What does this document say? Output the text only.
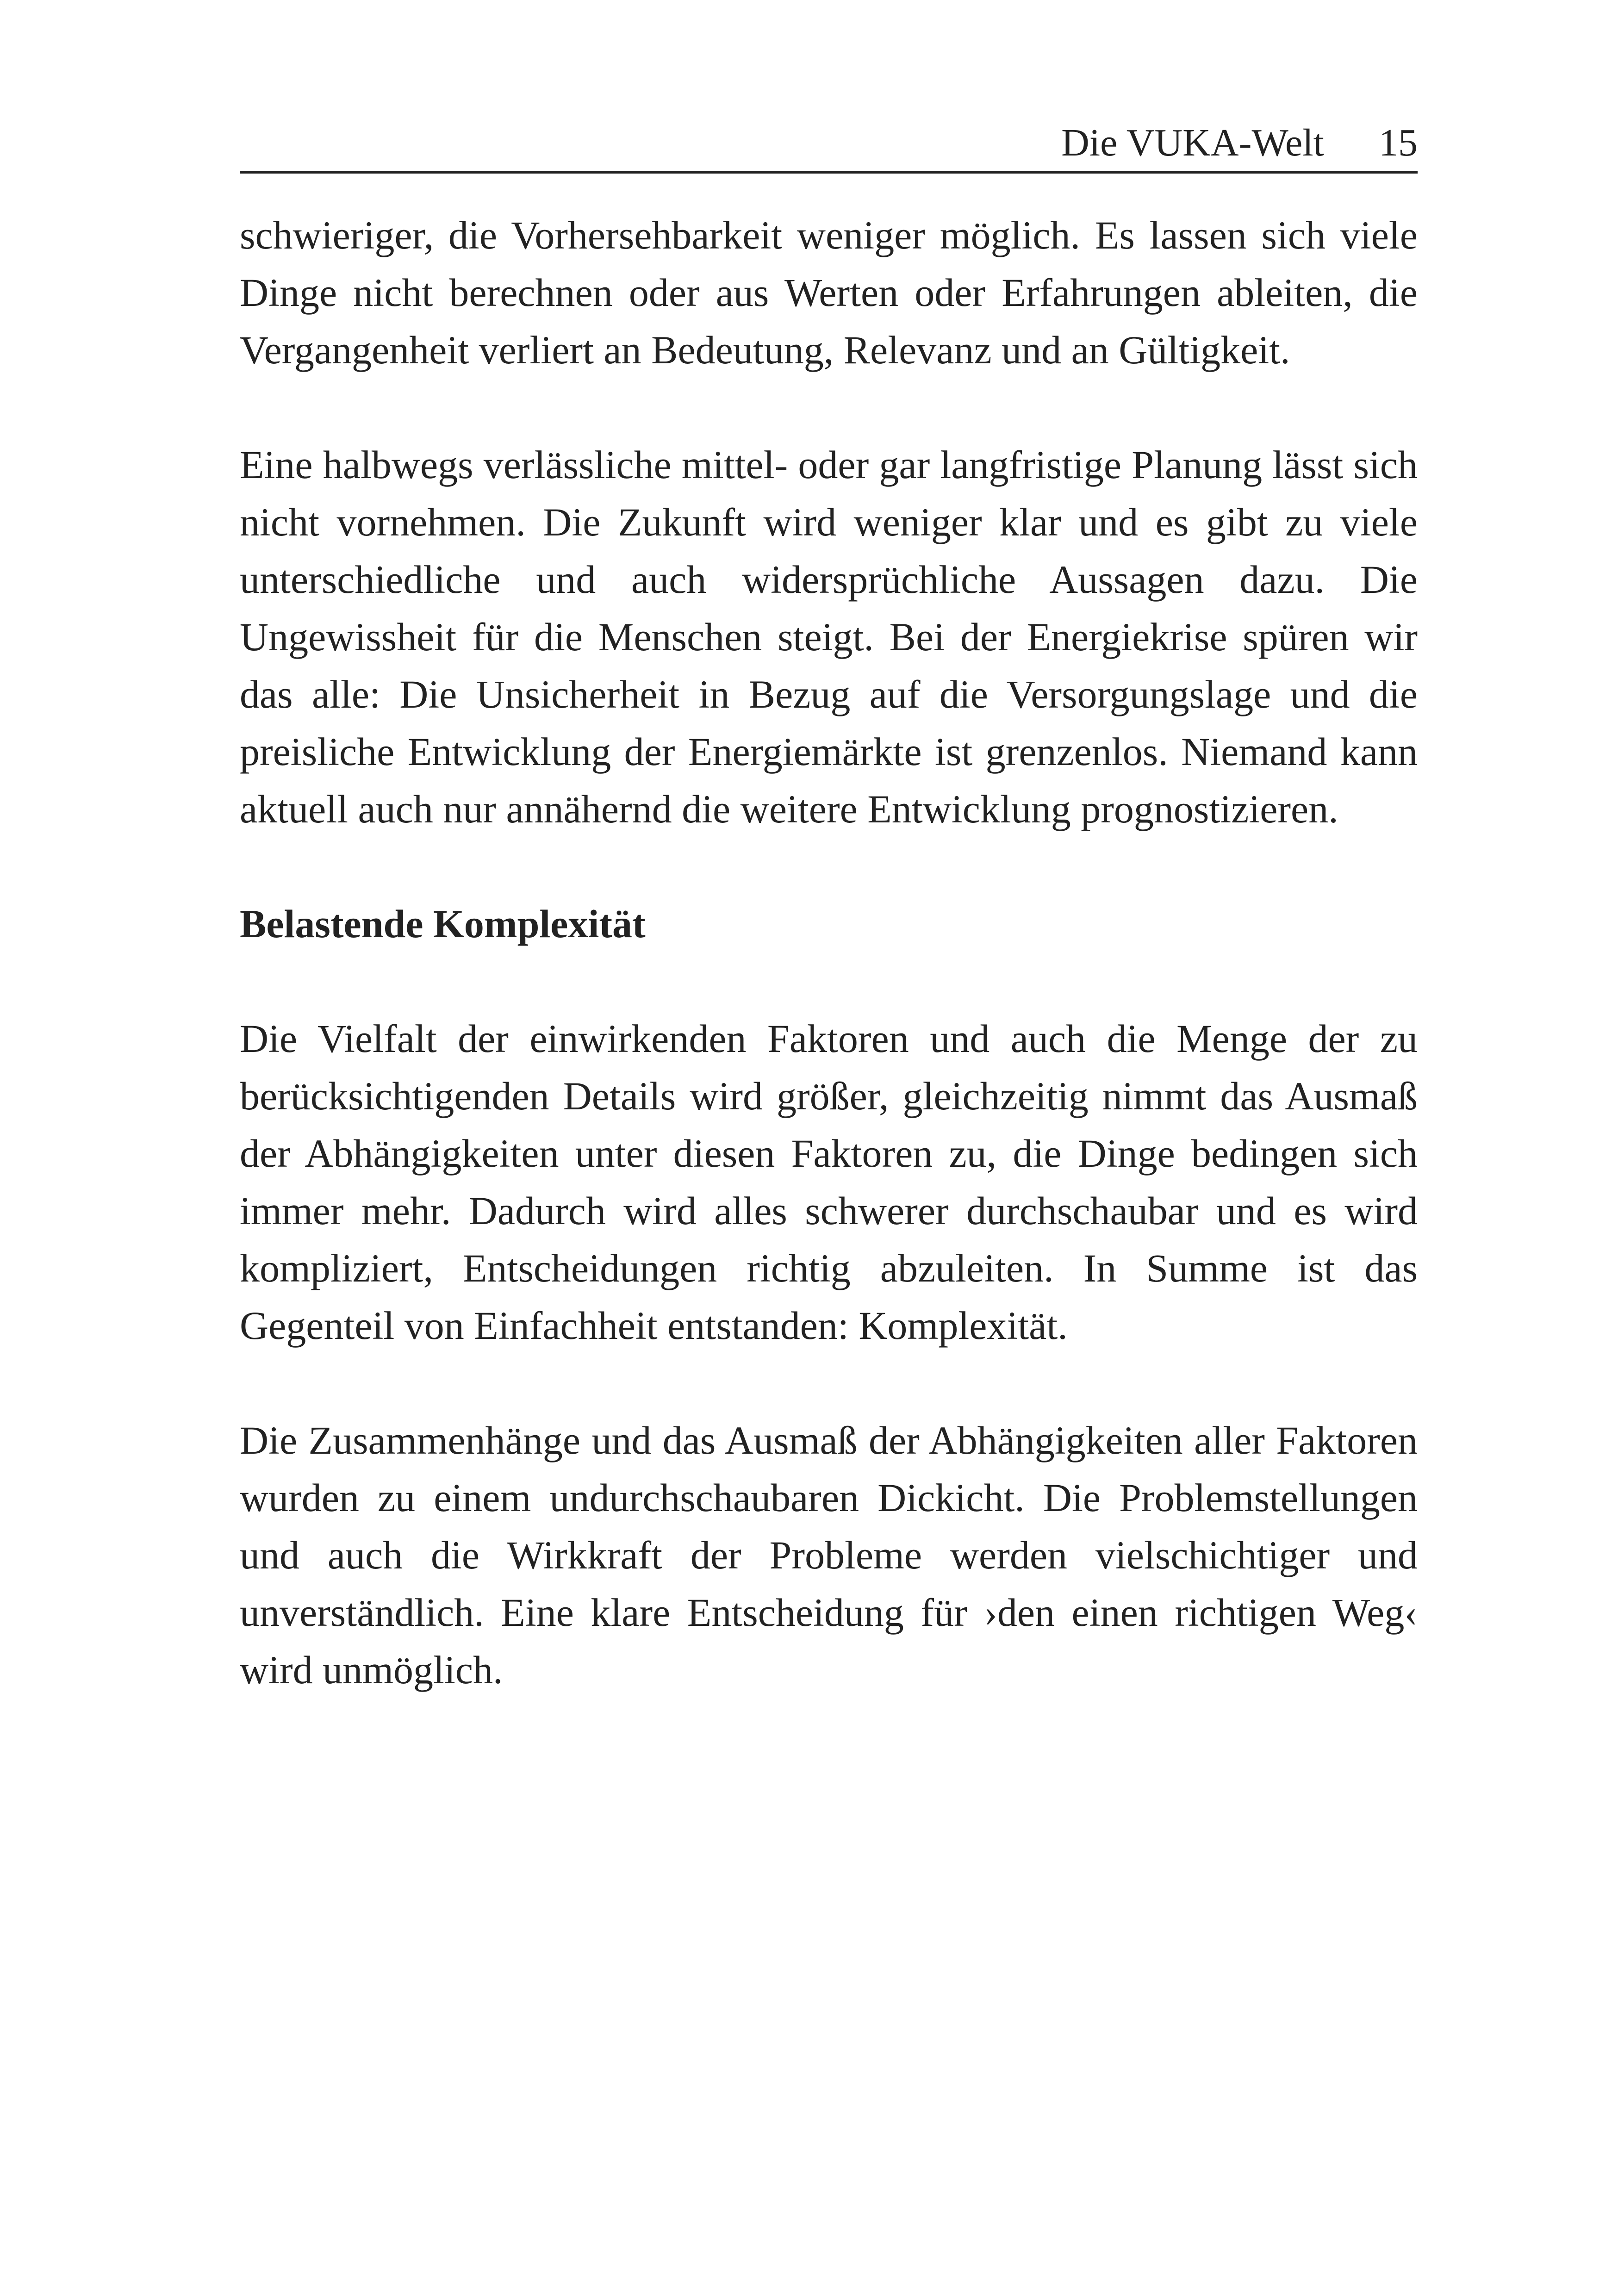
Die VUKA-Welt 15

schwieriger, die Vorhersehbarkeit weniger möglich. Es lassen sich viele Dinge nicht berechnen oder aus Werten oder Erfahrungen ableiten, die Vergangenheit verliert an Bedeutung, Relevanz und an Gültigkeit.

Eine halbwegs verlässliche mittel- oder gar langfristige Planung lässt sich nicht vornehmen. Die Zukunft wird weniger klar und es gibt zu viele unterschiedliche und auch widersprüchliche Aussagen dazu. Die Ungewissheit für die Menschen steigt. Bei der Energiekrise spüren wir das alle: Die Unsicherheit in Bezug auf die Versorgungslage und die preisliche Entwicklung der Energiemärkte ist grenzenlos. Niemand kann aktuell auch nur annähernd die weitere Entwicklung prognostizieren.

Belastende Komplexität

Die Vielfalt der einwirkenden Faktoren und auch die Menge der zu berücksichtigenden Details wird größer, gleichzeitig nimmt das Ausmaß der Abhängigkeiten unter diesen Faktoren zu, die Dinge bedingen sich immer mehr. Dadurch wird alles schwerer durchschaubar und es wird kompliziert, Entscheidungen richtig abzuleiten. In Summe ist das Gegenteil von Einfachheit entstanden: Komplexität.

Die Zusammenhänge und das Ausmaß der Abhängigkeiten aller Faktoren wurden zu einem undurchschaubaren Dickicht. Die Problemstellungen und auch die Wirkkraft der Probleme werden vielschichtiger und unverständlich. Eine klare Entscheidung für ›den einen richtigen Weg‹ wird unmöglich.
